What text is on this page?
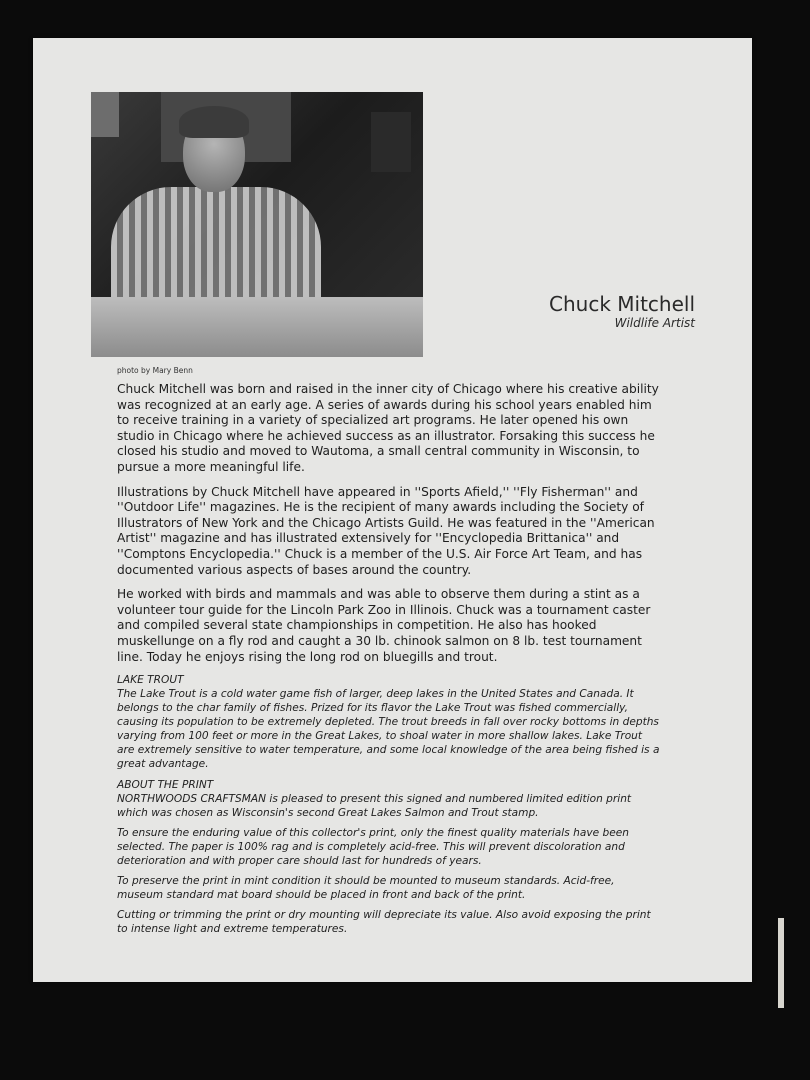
photo by Mary Benn

Chuck Mitchell

Wildlife Artist

Chuck Mitchell was born and raised in the inner city of Chicago where his creative ability was recognized at an early age. A series of awards during his school years enabled him to receive training in a variety of specialized art programs. He later opened his own studio in Chicago where he achieved success as an illustrator. Forsaking this success he closed his studio and moved to Wautoma, a small central community in Wisconsin, to pursue a more meaningful life.

Illustrations by Chuck Mitchell have appeared in ''Sports Afield,'' ''Fly Fisherman'' and ''Outdoor Life'' magazines. He is the recipient of many awards including the Society of Illustrators of New York and the Chicago Artists Guild. He was featured in the ''American Artist'' magazine and has illustrated extensively for ''Encyclopedia Brittanica'' and ''Comptons Encyclopedia.'' Chuck is a member of the U.S. Air Force Art Team, and has documented various aspects of bases around the country.

He worked with birds and mammals and was able to observe them during a stint as a volunteer tour guide for the Lincoln Park Zoo in Illinois. Chuck was a tournament caster and compiled several state championships in competition. He also has hooked muskellunge on a fly rod and caught a 30 lb. chinook salmon on 8 lb. test tournament line. Today he enjoys rising the long rod on bluegills and trout.

LAKE TROUT

The Lake Trout is a cold water game fish of larger, deep lakes in the United States and Canada. It belongs to the char family of fishes. Prized for its flavor the Lake Trout was fished commercially, causing its population to be extremely depleted. The trout breeds in fall over rocky bottoms in depths varying from 100 feet or more in the Great Lakes, to shoal water in more shallow lakes. Lake Trout are extremely sensitive to water temperature, and some local knowledge of the area being fished is a great advantage.

ABOUT THE PRINT

NORTHWOODS CRAFTSMAN is pleased to present this signed and numbered limited edition print which was chosen as Wisconsin's second Great Lakes Salmon and Trout stamp.

To ensure the enduring value of this collector's print, only the finest quality materials have been selected. The paper is 100% rag and is completely acid-free. This will prevent discoloration and deterioration and with proper care should last for hundreds of years.

To preserve the print in mint condition it should be mounted to museum standards. Acid-free, museum standard mat board should be placed in front and back of the print.

Cutting or trimming the print or dry mounting will depreciate its value. Also avoid exposing the print to intense light and extreme temperatures.
